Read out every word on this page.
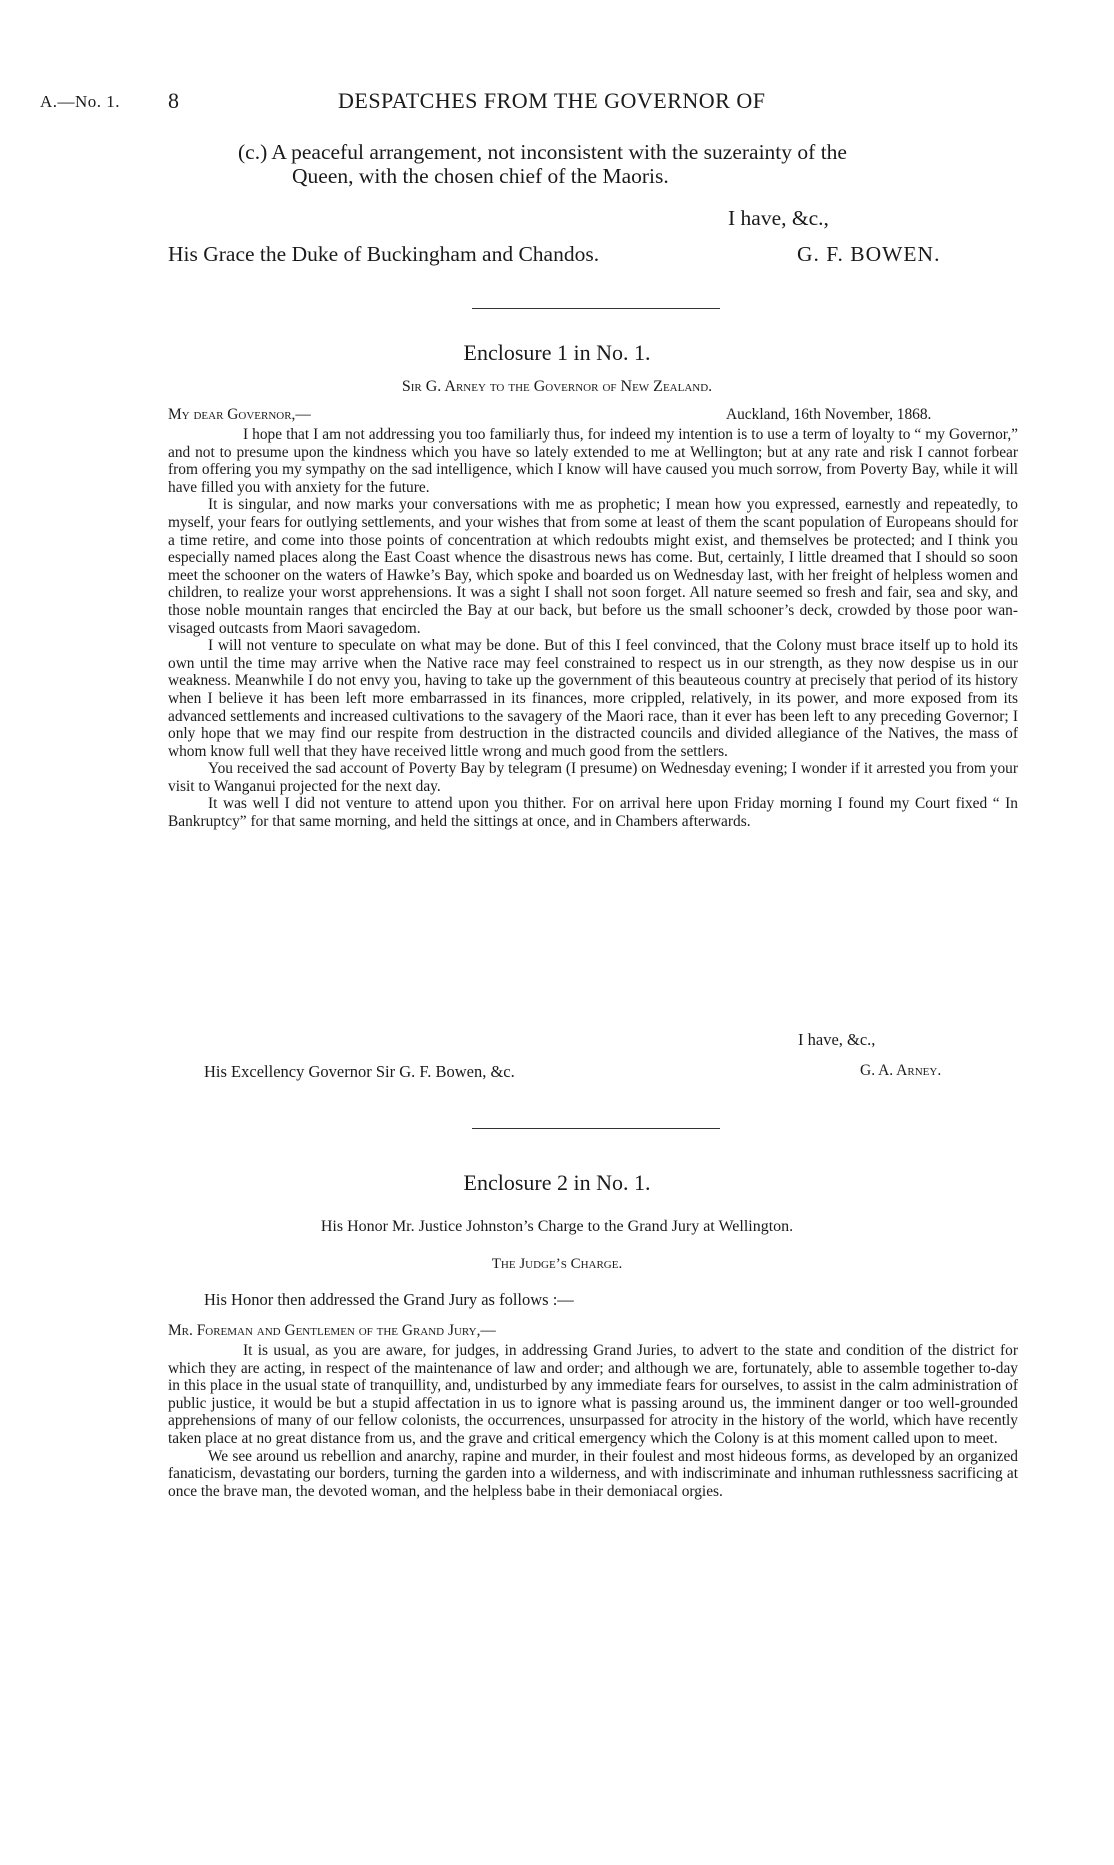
A.—No. 1. 8	DESPATCHES FROM THE GOVERNOR OF
(c.) A peaceful arrangement, not inconsistent with the suzerainty of the
Queen, with the chosen chief of the Maoris.
I have, &c.,
His Grace the Duke of Buckingham and Chandos.	G. F. BOWEN.
Enclosure 1 in No. 1.
Sir G. Arney to the Governor of New Zealand.
My dear Governor,—	Auckland, 16th November, 1868.

I hope that I am not addressing you too familiarly thus, for indeed my intention is to use a term of loyalty to “ my Governor,” and not to presume upon the kindness which you have so lately extended to me at Wellington; but at any rate and risk I cannot forbear from offering you my sympathy on the sad intelligence, which I know will have caused you much sorrow, from Poverty Bay, while it will have filled you with anxiety for the future.

It is singular, and now marks your conversations with me as prophetic; I mean how you expressed, earnestly and repeatedly, to myself, your fears for outlying settlements, and your wishes that from some at least of them the scant population of Europeans should for a time retire, and come into those points of concentration at which redoubts might exist, and themselves be protected; and I think you especially named places along the East Coast whence the disastrous news has come. But, certainly, I little dreamed that I should so soon meet the schooner on the waters of Hawke’s Bay, which spoke and boarded us on Wednesday last, with her freight of helpless women and children, to realize your worst apprehensions. It was a sight I shall not soon forget. All nature seemed so fresh and fair, sea and sky, and those noble mountain ranges that encircled the Bay at our back, but before us the small schooner’s deck, crowded by those poor wan-visaged outcasts from Maori savagedom.

I will not venture to speculate on what may be done. But of this I feel convinced, that the Colony must brace itself up to hold its own until the time may arrive when the Native race may feel constrained to respect us in our strength, as they now despise us in our weakness. Meanwhile I do not envy you, having to take up the government of this beauteous country at precisely that period of its history when I believe it has been left more embarrassed in its finances, more crippled, relatively, in its power, and more exposed from its advanced settlements and increased cultivations to the savagery of the Maori race, than it ever has been left to any preceding Governor; I only hope that we may find our respite from destruction in the distracted councils and divided allegiance of the Natives, the mass of whom know full well that they have received little wrong and much good from the settlers.

You received the sad account of Poverty Bay by telegram (I presume) on Wednesday evening; I wonder if it arrested you from your visit to Wanganui projected for the next day.

It was well I did not venture to attend upon you thither. For on arrival here upon Friday morning I found my Court fixed “ In Bankruptcy” for that same morning, and held the sittings at once, and in Chambers afterwards.

I have, &c.,
His Excellency Governor Sir G. F. Bowen, &c.	G. A. Arney.
Enclosure 2 in No. 1.
His Honor Mr. Justice Johnston’s Charge to the Grand Jury at Wellington.
The Judge’s Charge.
His Honor then addressed the Grand Jury as follows :—
Mr. Foreman and Gentlemen of the Grand Jury,—

It is usual, as you are aware, for judges, in addressing Grand Juries, to advert to the state and condition of the district for which they are acting, in respect of the maintenance of law and order; and although we are, fortunately, able to assemble together to-day in this place in the usual state of tranquillity, and, undisturbed by any immediate fears for ourselves, to assist in the calm administration of public justice, it would be but a stupid affectation in us to ignore what is passing around us, the imminent danger or too well-grounded apprehensions of many of our fellow colonists, the occurrences, unsurpassed for atrocity in the history of the world, which have recently taken place at no great distance from us, and the grave and critical emergency which the Colony is at this moment called upon to meet.

We see around us rebellion and anarchy, rapine and murder, in their foulest and most hideous forms, as developed by an organized fanaticism, devastating our borders, turning the garden into a wilderness, and with indiscriminate and inhuman ruthlessness sacrificing at once the brave man, the devoted woman, and the helpless babe in their demoniacal orgies.
